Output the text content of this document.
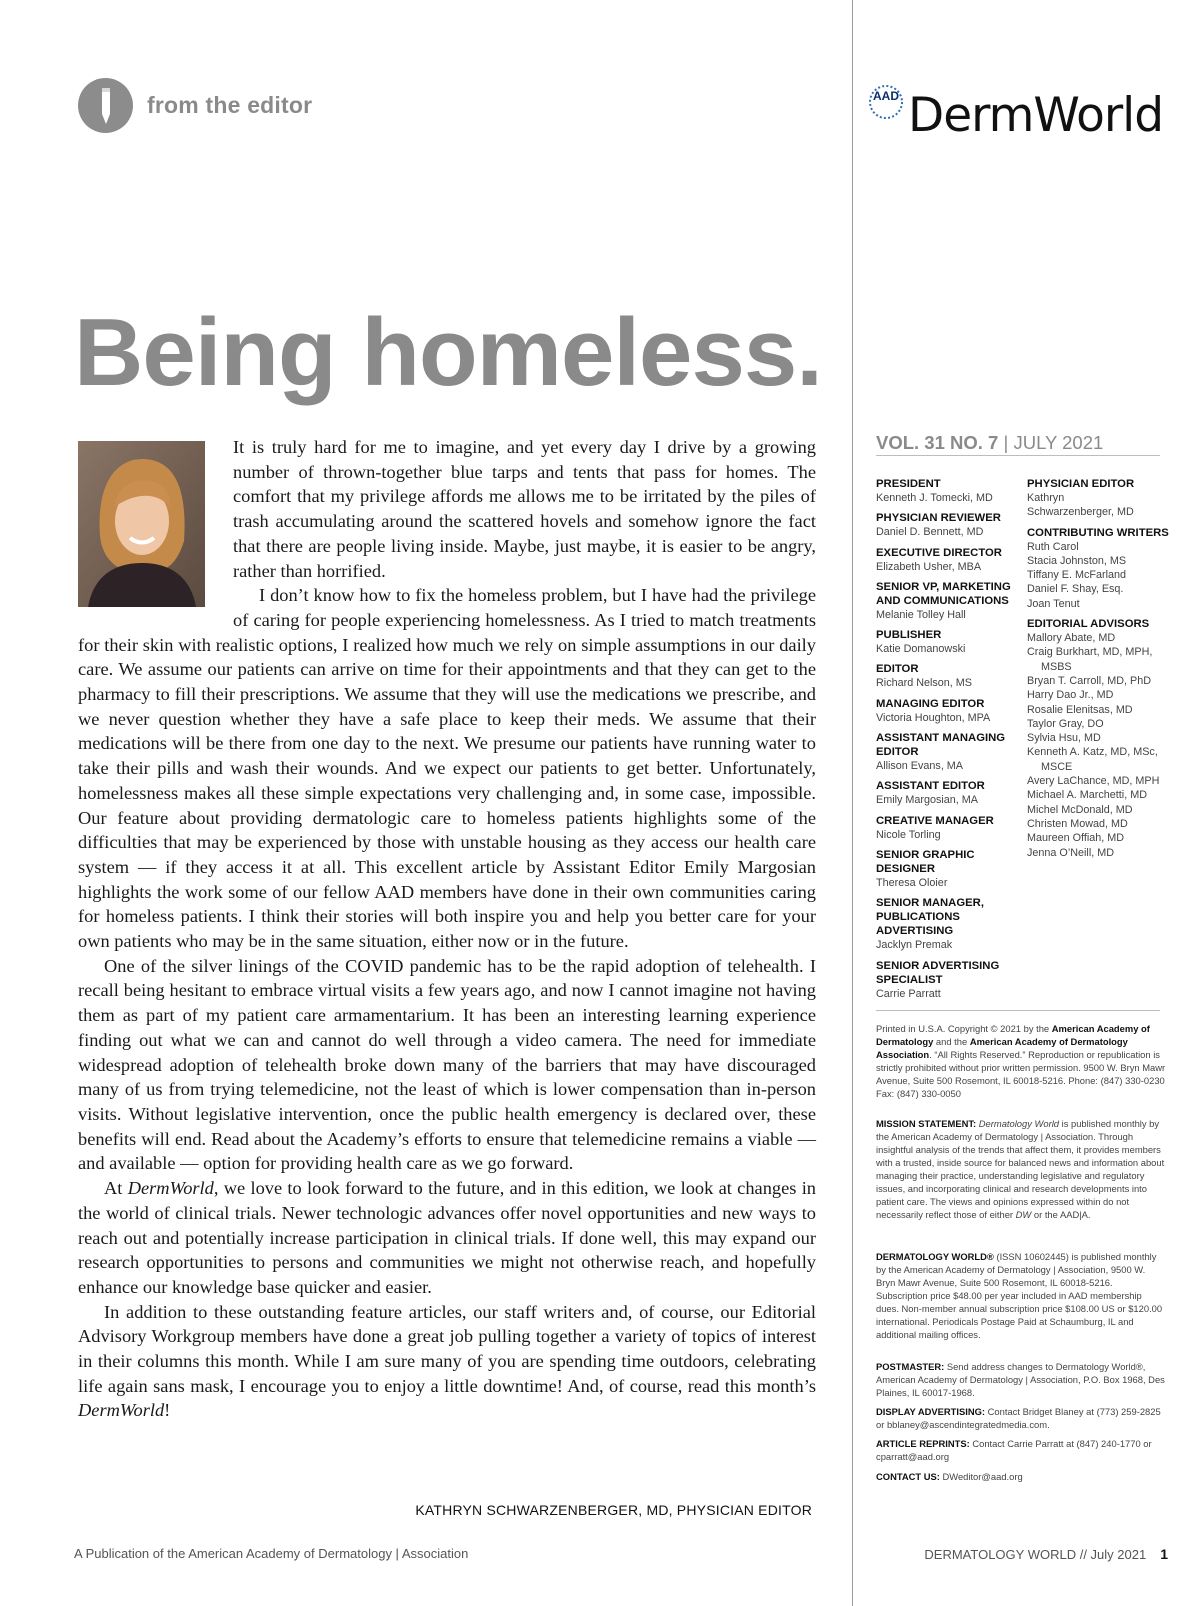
from the editor	AAD DermWorld
Being homeless.

It is truly hard for me to imagine, and yet every day I drive by a growing number of thrown-together blue tarps and tents that pass for homes. The comfort that my privilege affords me allows me to be irritated by the piles of trash accumulating around the scattered hovels and somehow ignore the fact that there are people living inside. Maybe, just maybe, it is easier to be angry, rather than horrified.

I don’t know how to fix the homeless problem, but I have had the privilege of caring for people experiencing homelessness. As I tried to match treatments for their skin with realistic options, I realized how much we rely on simple assumptions in our daily care. We assume our patients can arrive on time for their appointments and that they can get to the pharmacy to fill their prescriptions. We assume that they will use the medications we prescribe, and we never question whether they have a safe place to keep their meds. We assume that their medications will be there from one day to the next. We presume our patients have running water to take their pills and wash their wounds. And we expect our patients to get better. Unfortunately, homelessness makes all these simple expectations very challenging and, in some case, impossible. Our feature about providing dermatologic care to homeless patients highlights some of the difficulties that may be experienced by those with unstable housing as they access our health care system — if they access it at all. This excellent article by Assistant Editor Emily Margosian highlights the work some of our fellow AAD members have done in their own communities caring for homeless patients. I think their stories will both inspire you and help you better care for your own patients who may be in the same situation, either now or in the future.

One of the silver linings of the COVID pandemic has to be the rapid adoption of telehealth. I recall being hesitant to embrace virtual visits a few years ago, and now I cannot imagine not having them as part of my patient care armamentarium. It has been an interesting learning experience finding out what we can and cannot do well through a video camera. The need for immediate widespread adoption of telehealth broke down many of the barriers that may have discouraged many of us from trying telemedicine, not the least of which is lower compensation than in-person visits. Without legislative intervention, once the public health emergency is declared over, these benefits will end. Read about the Academy’s efforts to ensure that telemedicine remains a viable — and available — option for providing health care as we go forward.

At DermWorld, we love to look forward to the future, and in this edition, we look at changes in the world of clinical trials. Newer technologic advances offer novel opportunities and new ways to reach out and potentially increase participation in clinical trials. If done well, this may expand our research opportunities to persons and communities we might not otherwise reach, and hopefully enhance our knowledge base quicker and easier.

In addition to these outstanding feature articles, our staff writers and, of course, our Editorial Advisory Workgroup members have done a great job pulling together a variety of topics of interest in their columns this month. While I am sure many of you are spending time outdoors, celebrating life again sans mask, I encourage you to enjoy a little downtime! And, of course, read this month’s DermWorld!

KATHRYN SCHWARZENBERGER, MD, PHYSICIAN EDITOR
VOL. 31 NO. 7 | JULY 2021
PRESIDENT
Kenneth J. Tomecki, MD
PHYSICIAN REVIEWER
Daniel D. Bennett, MD
EXECUTIVE DIRECTOR
Elizabeth Usher, MBA
SENIOR VP, MARKETING AND COMMUNICATIONS
Melanie Tolley Hall
PUBLISHER
Katie Domanowski
EDITOR
Richard Nelson, MS
MANAGING EDITOR
Victoria Houghton, MPA
ASSISTANT MANAGING EDITOR
Allison Evans, MA
ASSISTANT EDITOR
Emily Margosian, MA
CREATIVE MANAGER
Nicole Torling
SENIOR GRAPHIC DESIGNER
Theresa Oloier
SENIOR MANAGER, PUBLICATIONS ADVERTISING
Jacklyn Premak
SENIOR ADVERTISING SPECIALIST
Carrie Parratt
PHYSICIAN EDITOR
Kathryn
Schwarzenberger, MD
CONTRIBUTING WRITERS
Ruth Carol
Stacia Johnston, MS
Tiffany E. McFarland
Daniel F. Shay, Esq.
Joan Tenut
EDITORIAL ADVISORS
Mallory Abate, MD
Craig Burkhart, MD, MPH,
MSBS
Bryan T. Carroll, MD, PhD
Harry Dao Jr., MD
Rosalie Elenitsas, MD
Taylor Gray, DO
Sylvia Hsu, MD
Kenneth A. Katz, MD, MSc,
MSCE
Avery LaChance, MD, MPH
Michael A. Marchetti, MD
Michel McDonald, MD
Christen Mowad, MD
Maureen Offiah, MD
Jenna O’Neill, MD
Printed in U.S.A. Copyright © 2021 by the American Academy of Dermatology and the American Academy of Dermatology Association. “All Rights Reserved.” Reproduction or republication is strictly prohibited without prior written permission. 9500 W. Bryn Mawr Avenue, Suite 500 Rosemont, IL 60018-5216. Phone: (847) 330-0230 Fax: (847) 330-0050
MISSION STATEMENT: Dermatology World is published monthly by the American Academy of Dermatology | Association. Through insightful analysis of the trends that affect them, it provides members with a trusted, inside source for balanced news and information about managing their practice, understanding legislative and regulatory issues, and incorporating clinical and research developments into patient care. The views and opinions expressed within do not necessarily reflect those of either DW or the AAD|A.
DERMATOLOGY WORLD® (ISSN 10602445) is published monthly by the American Academy of Dermatology | Association, 9500 W. Bryn Mawr Avenue, Suite 500 Rosemont, IL 60018-5216. Subscription price $48.00 per year included in AAD membership dues. Non-member annual subscription price $108.00 US or $120.00 international. Periodicals Postage Paid at Schaumburg, IL and additional mailing offices.
POSTMASTER: Send address changes to Dermatology World®, American Academy of Dermatology | Association, P.O. Box 1968, Des Plaines, IL 60017-1968.
DISPLAY ADVERTISING: Contact Bridget Blaney at (773) 259-2825 or bblaney@ascendintegratedmedia.com.
ARTICLE REPRINTS: Contact Carrie Parratt at (847) 240-1770 or cparratt@aad.org
CONTACT US: DWeditor@aad.org
A Publication of the American Academy of Dermatology | Association	DERMATOLOGY WORLD // July 2021 1
